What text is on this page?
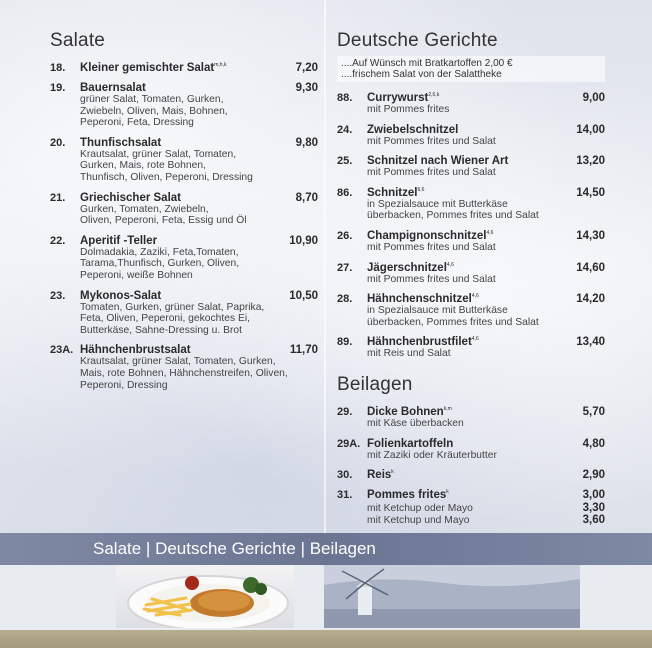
Salate
18.	Kleiner gemischter Salat$^{m,h,k}$	7,20
19.	Bauernsalat	9,30
grüner Salat, Tomaten, Gurken,
Zwiebeln, Oliven, Mais, Bohnen,
Peperoni, Feta, Dressing
20.	Thunfischsalat	9,80
Krautsalat, grüner Salat, Tomaten,
Gurken, Mais, rote Bohnen,
Thunfisch, Oliven, Peperoni, Dressing
21.	Griechischer Salat	8,70
Gurken, Tomaten, Zwiebeln,
Oliven, Peperoni, Feta, Essig und Öl
22.	Aperitif -Teller	10,90
Dolmadakia, Zaziki, Feta,Tomaten,
Tarama,Thunfisch, Gurken, Oliven,
Peperoni, weiße Bohnen
23.	Mykonos-Salat	10,50
Tomaten, Gurken, grüner Salat, Paprika,
Feta, Oliven, Peperoni, gekochtes Ei,
Butterkäse, Sahne-Dressing u. Brot
23A. Hähnchenbrustsalat	11,70
Krautsalat, grüner Salat, Tomaten, Gurken,
Mais, rote Bohnen, Hähnchenstreifen, Oliven,
Peperoni, Dressing
Deutsche Gerichte
....Auf Wünsch mit Bratkartoffen 2,00 €
....frischem Salat von der Salattheke
88.	Currywurst$^{2,6,k}$	9,00
mit Pommes frites
24.	Zwiebelschnitzel	14,00
mit Pommes frites und Salat
25.	Schnitzel nach Wiener Art	13,20
mit Pommes frites und Salat
86.	Schnitzel$^{6,6}$	14,50
in Spezialsauce mit Butterkäse
überbacken, Pommes frites und Salat
26.	Champignonschnitzel$^{4,6}$	14,30
mit Pommes frites und Salat
27.	Jägerschnitzel$^{4,6}$	14,60
mit Pommes frites und Salat
28.	Hähnchenschnitzel$^{4,6}$	14,20
in Spezialsauce mit Butterkäse
überbacken, Pommes frites und Salat
89.	Hähnchenbrustfilet$^{4,6}$	13,40
mit Reis und Salat
Beilagen
29.	Dicke Bohnen$^{k,m}$	5,70
mit Käse überbacken
29A. Folienkartoffeln	4,80
mit Zaziki oder Kräuterbutter
30.	Reis$^k$	2,90
31.	Pommes frites$^k$	3,00
mit Ketchup oder Mayo	3,30
mit Ketchup und Mayo	3,60
Salate | Deutsche Gerichte | Beilagen
